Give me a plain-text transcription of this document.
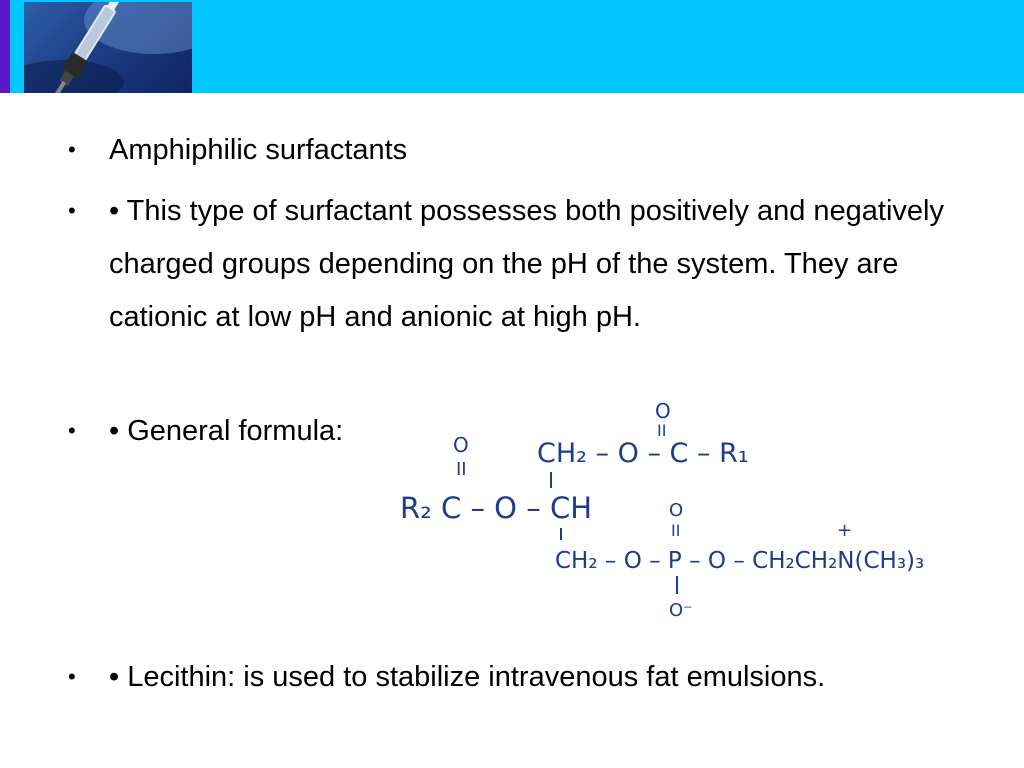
• Amphiphilic surfactants
• • This type of surfactant possesses both positively and negatively charged groups depending on the pH of the system. They are cationic at low pH and anionic at high pH.
• • General formula:
• • Lecithin: is used to stabilize intravenous fat emulsions.
O
II
CH₂ – O – C – R₁
O
II
R₂ C – O – CH	O
II	+
CH₂ – O – P – O – CH₂CH₂N(CH₃)₃
O⁻
